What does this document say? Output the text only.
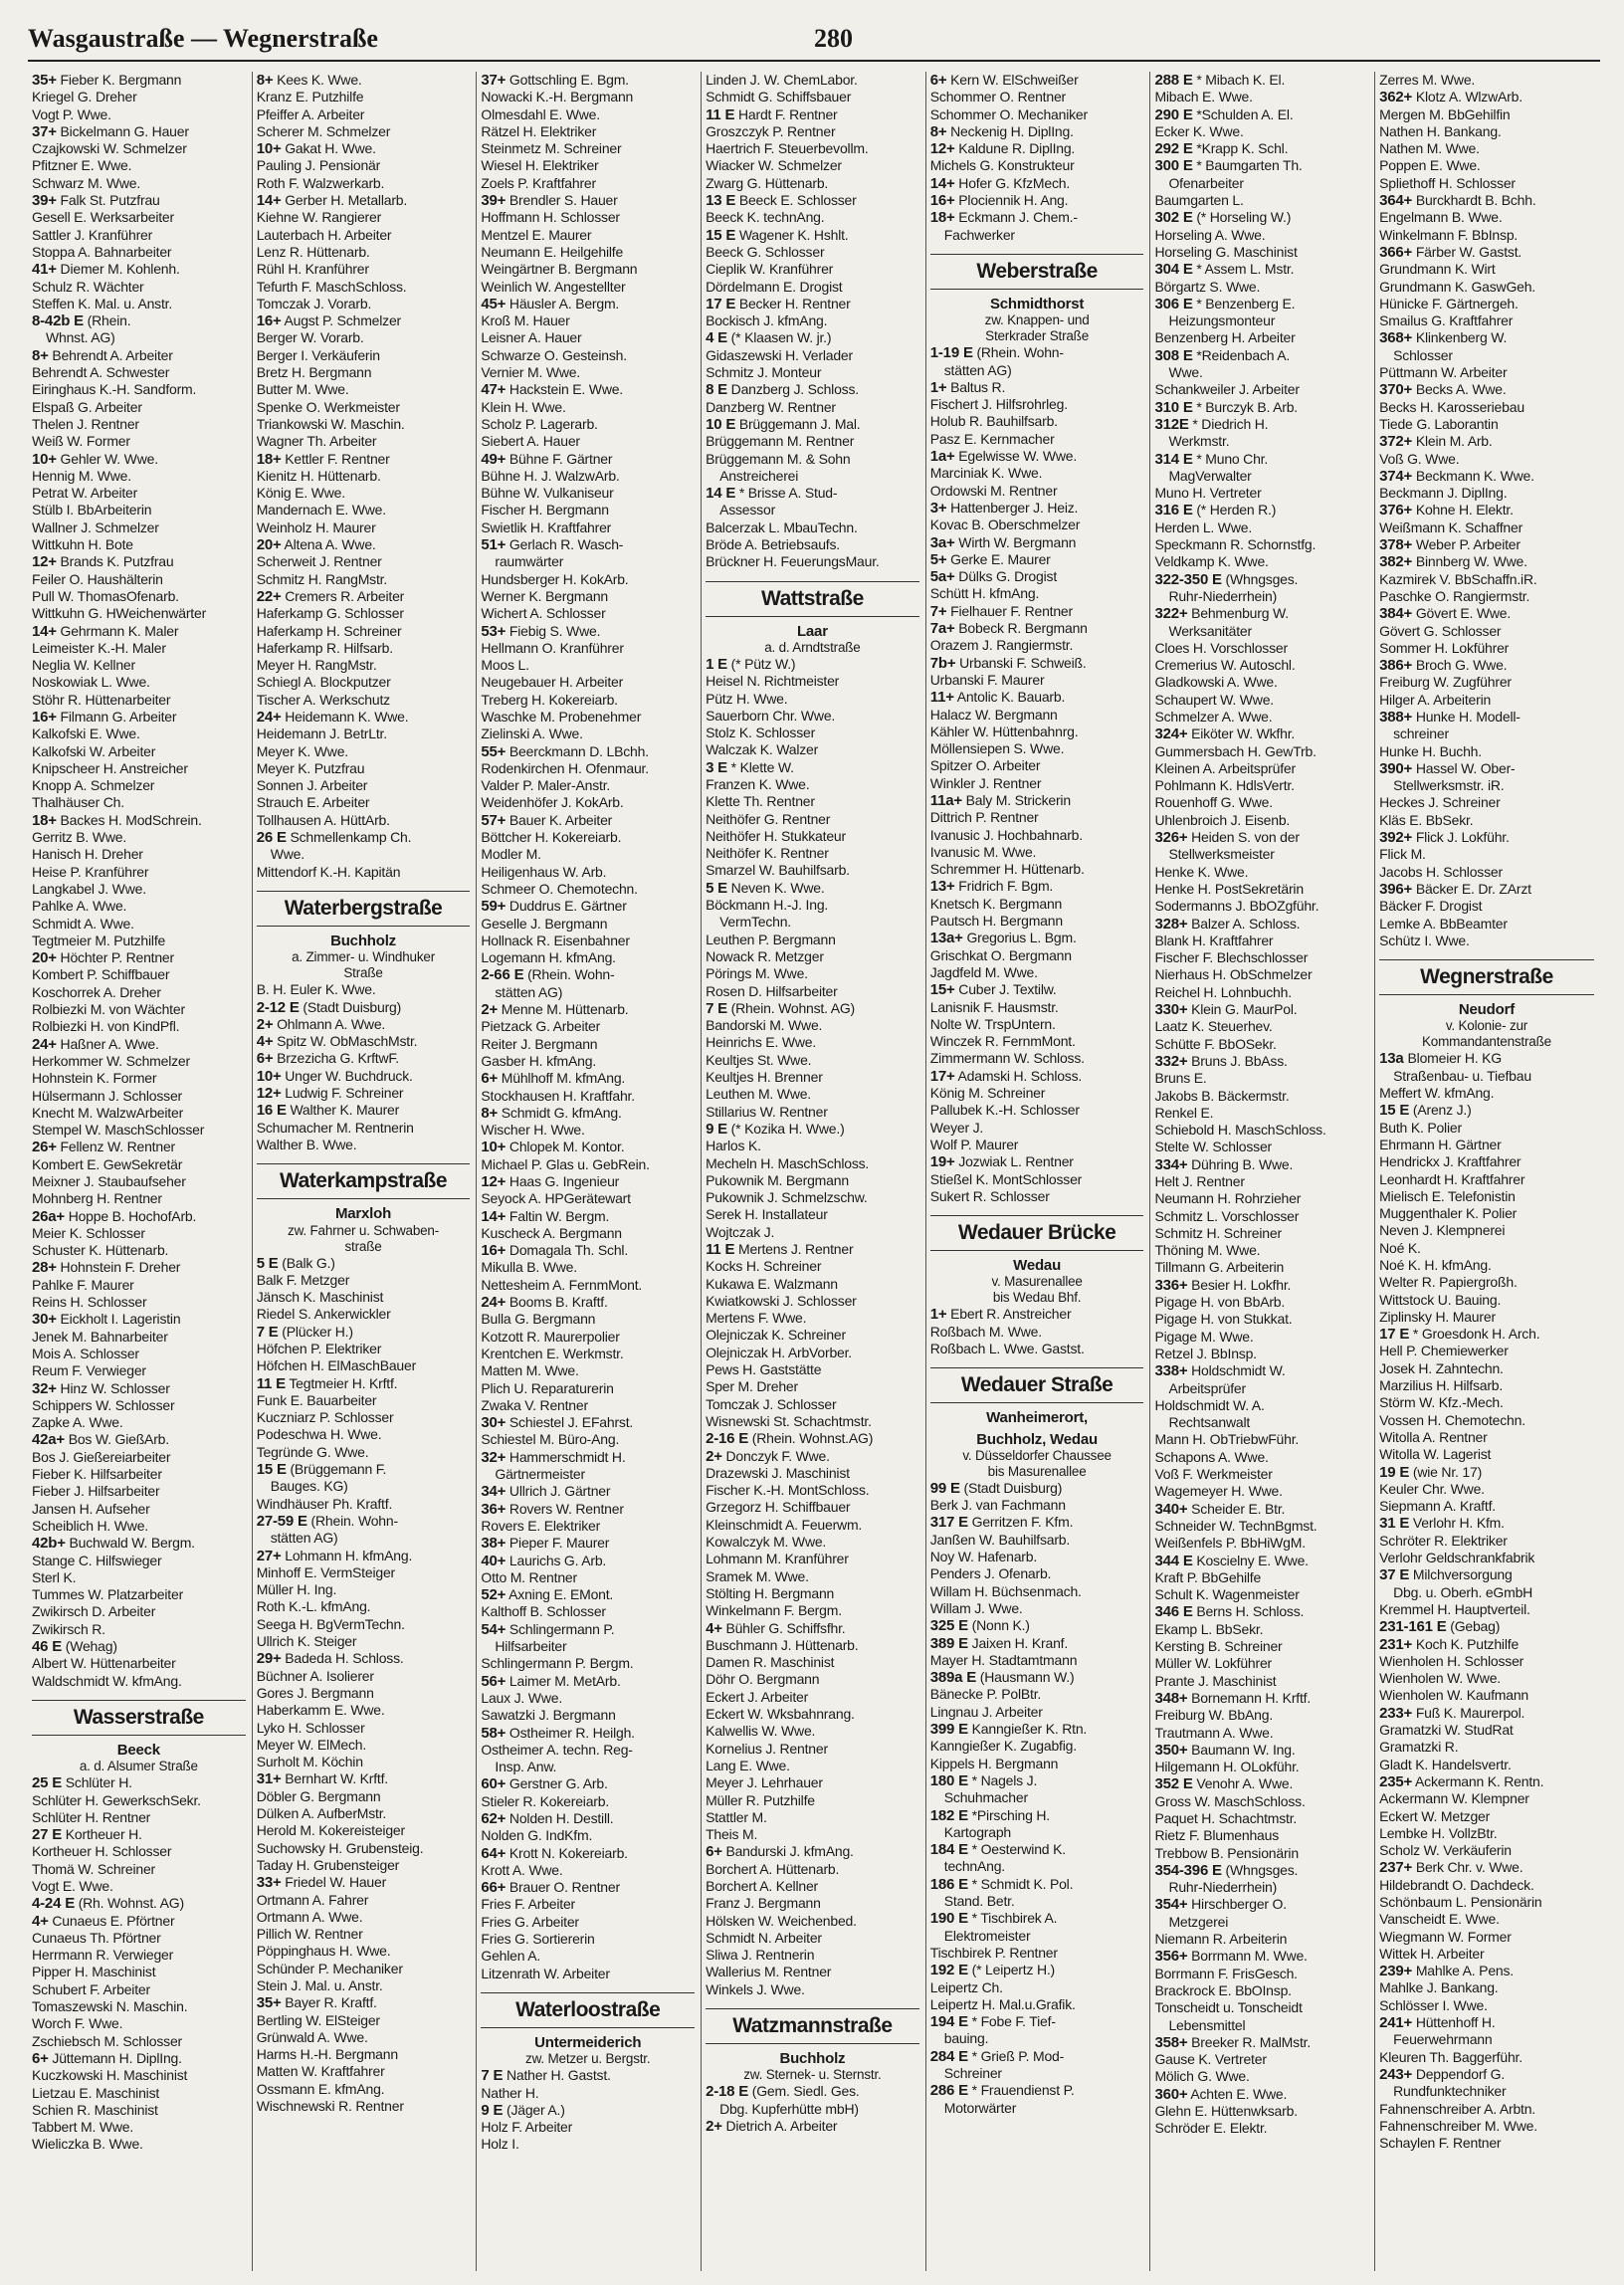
Wasgaustraße — Wegnerstraße	280
35+ Fieber K. Bergmann
Kriegel G. Dreher
Vogt P. Wwe.
37+ Bickelmann G. Hauer
Czajkowski W. Schmelzer
Pfitzner E. Wwe.
Schwarz M. Wwe.
39+ Falk St. Putzfrau
Gesell E. Werksarbeiter
Sattler J. Kranführer
Stoppa A. Bahnarbeiter
41+ Diemer M. Kohlenh.
Schulz R. Wächter
Steffen K. Mal. u. Anstr.
8-42b E (Rhein.
Whnst. AG)
8+ Behrendt A. Arbeiter
Behrendt A. Schwester
Eiringhaus K.-H. Sandform.
Elspaß G. Arbeiter
Thelen J. Rentner
Weiß W. Former
10+ Gehler W. Wwe.
Hennig M. Wwe.
Petrat W. Arbeiter
Stülb I. BbArbeiterin
Wallner J. Schmelzer
Wittkuhn H. Bote
12+ Brands K. Putzfrau
Feiler O. Haushälterin
Pull W. ThomasOfenarb.
Wittkuhn G. HWeichenwärter
14+ Gehrmann K. Maler
Leimeister K.-H. Maler
Neglia W. Kellner
Noskowiak L. Wwe.
Stöhr R. Hüttenarbeiter
16+ Filmann G. Arbeiter
Kalkofski E. Wwe.
Kalkofski W. Arbeiter
Knipschеer H. Anstreicher
Knopp A. Schmelzer
Thalhäuser Ch.
18+ Backes H. ModSchrein.
Gerritz B. Wwe.
Hanisch H. Dreher
Heise P. Kranführer
Langkabel J. Wwe.
Pahlke A. Wwe.
Schmidt A. Wwe.
Tegtmeier M. Putzhilfe
20+ Höchter P. Rentner
Kombert P. Schiffbauer
Koschorrek A. Dreher
Rolbiezki M. von Wächter
Rolbiezki H. von KindPfl.
24+ Haßner A. Wwe.
Herkommer W. Schmelzer
Hohnstein K. Former
Hülsermann J. Schlosser
Knecht M. WalzwArbeiter
Stempel W. MaschSchlosser
26+ Fellenz W. Rentner
Kombert E. GewSekretär
Meixner J. Staubaufseher
Mohnberg H. Rentner
26a+ Hoppe B. HochofArb.
Meier K. Schlosser
Schuster K. Hüttenarb.
28+ Hohnstein F. Dreher
Pahlke F. Maurer
Reins H. Schlosser
30+ Eickholt I. Lageristin
Jenek M. Bahnarbeiter
Mois A. Schlosser
Reum F. Verwieger
32+ Hinz W. Schlosser
Schippers W. Schlosser
Zapke A. Wwe.
42a+ Bos W. GießArb.
Bos J. Gießereiarbeiter
Fieber K. Hilfsarbeiter
Fieber J. Hilfsarbeiter
Jansen H. Aufseher
Scheiblich H. Wwe.
42b+ Buchwald W. Bergm.
Stange C. Hilfswieger
Sterl K.
Tummes W. Platzarbeiter
Zwikirsch D. Arbeiter
Zwikirsch R.
46 E (Wehag)
Albert W. Hüttenarbeiter
Waldschmidt W. kfmAng.
Wasserstraße
Beeck
a. d. Alsumer Straße
25 E Schlüter H.
Schlüter H. GewerkschSekr.
Schlüter H. Rentner
27 E Kortheuer H.
Kortheuer H. Schlosser
Thomä W. Schreiner
Vogt E. Wwe.
4-24 E (Rh. Wohnst. AG)
4+ Cunaeus E. Pförtner
Cunaeus Th. Pförtner
Herrmann R. Verwieger
Pipper H. Maschinist
Schubert F. Arbeiter
Tomaszewski N. Maschin.
Worch F. Wwe.
Zschiebsch M. Schlosser
6+ Jüttemann H. DiplIng.
Kuczkowski H. Maschinist
Lietzau E. Maschinist
Schien R. Maschinist
Tabbert M. Wwe.
Wieliczka B. Wwe.
8+ Kees K. Wwe.
Kranz E. Putzhilfe
Pfeiffer A. Arbeiter
Scherer M. Schmelzer
10+ Gakat H. Wwe.
Pauling J. Pensionär
Roth F. Walzwerkarb.
14+ Gerber H. Metallarb.
Kiehne W. Rangierer
Lauterbach H. Arbeiter
Lenz R. Hüttenarb.
Rühl H. Kranführer
Tefurth F. MaschSchloss.
Tomczak J. Vorarb.
16+ Augst P. Schmelzer
Berger W. Vorarb.
Berger I. Verkäuferin
Bretz H. Bergmann
Butter M. Wwe.
Spenke O. Werkmeister
Triankowski W. Maschin.
Wagner Th. Arbeiter
18+ Kettler F. Rentner
Kienitz H. Hüttenarb.
König E. Wwe.
Mandernach E. Wwe.
Weinholz H. Maurer
20+ Altena A. Wwe.
Scherweit J. Rentner
Schmitz H. RangMstr.
22+ Cremers R. Arbeiter
Haferkamp G. Schlosser
Haferkamp H. Schreiner
Haferkamp R. Hilfsarb.
Meyer H. RangMstr.
Schiegl A. Blockputzer
Tischer A. Werkschutz
24+ Heidemann K. Wwe.
Heidemann J. BetrLtr.
Meyer K. Wwe.
Meyer K. Putzfrau
Sonnen J. Arbeiter
Strauch E. Arbeiter
Tollhausen A. HüttArb.
26 E Schmellenkamp Ch.
Wwe.
Mittendorf K.-H. Kapitän
Waterbergstraße
Buchholz
a. Zimmer- u. Windhuker
Straße
B. H. Euler K. Wwe.
2-12 E (Stadt Duisburg)
2+ Ohlmann A. Wwe.
4+ Spitz W. ObMaschMstr.
6+ Brzezicha G. KrftwF.
10+ Unger W. Buchdruck.
12+ Ludwig F. Schreiner
16 E Walther K. Maurer
Schumacher M. Rentnerin
Walther B. Wwe.
Waterkampstraße
Marxloh
zw. Fahrner u. Schwaben-
straße
5 E (Balk G.)
Balk F. Metzger
Jänsch K. Maschinist
Riedel S. Ankerwickler
7 E (Plücker H.)
Höfchen P. Elektriker
Höfchen H. ElMaschBauer
11 E Tegtmeier H. Krftf.
Funk E. Bauarbeiter
Kuczniarz P. Schlosser
Podeschwa H. Wwe.
Tegründe G. Wwe.
15 E (Brüggemann F.
Baugеs. KG)
Windhäuser Ph. Kraftf.
27-59 E (Rhein. Wohn-
stätten AG)
27+ Lohmann H. kfmAng.
Minhoff E. VermSteiger
Müller H. Ing.
Roth K.-L. kfmAng.
Seega H. BgVermTechn.
Ullrich K. Steiger
29+ Badeda H. Schloss.
Büchner A. Isolierer
Gores J. Bergmann
Haberkamm E. Wwe.
Lyko H. Schlosser
Meyer W. ElMech.
Surholt M. Köchin
31+ Bernhart W. Krftf.
Döbler G. Bergmann
Dülken A. AufberMstr.
Herold M. Kokereisteiger
Suchowsky H. Grubensteig.
Taday H. Grubensteiger
33+ Friedel W. Hauer
Ortmann A. Fahrer
Ortmann A. Wwe.
Pillich W. Rentner
Pöppinghaus H. Wwe.
Schünder P. Mechaniker
Stein J. Mal. u. Anstr.
35+ Bayer R. Kraftf.
Bertling W. ElSteiger
Grünwald A. Wwe.
Harms H.-H. Bergmann
Matten W. Kraftfahrer
Ossmann E. kfmAng.
Wischnewski R. Rentner
37+ Gottschling E. Bgm.
Nowacki K.-H. Bergmann
Olmesdahl E. Wwe.
Rätzel H. Elektriker
Steinmetz M. Schreiner
Wiesel H. Elektriker
Zoels P. Kraftfahrer
39+ Brendler S. Hauer
Hoffmann H. Schlosser
Mentzel E. Maurer
Neumann E. Heilgehilfe
Weingärtner B. Bergmann
Weinlich W. Angestellter
45+ Häusler A. Bergm.
Kroß M. Hauer
Leisner A. Hauer
Schwarze O. Gesteinsh.
Vernier M. Wwe.
47+ Hackstein E. Wwe.
Klein H. Wwe.
Scholz P. Lagerarb.
Siebert A. Hauer
49+ Bühne F. Gärtner
Bühne H. J. WalzwArb.
Bühne W. Vulkaniseur
Fischer H. Bergmann
Swietlik H. Kraftfahrer
51+ Gerlach R. Wasch-
raumwärter
Hundsberger H. KokArb.
Werner K. Bergmann
Wichert A. Schlosser
53+ Fiebig S. Wwe.
Hellmann O. Kranführer
Moos L.
Neugebauer H. Arbeiter
Treberg H. Kokereiarb.
Waschke M. Probenehmer
Zielinski A. Wwe.
55+ Beerckmann D. LBchh.
Rodenkirchen H. Ofenmaur.
Valder P. Maler-Anstr.
Weidenhöfer J. KokArb.
57+ Bauer K. Arbeiter
Böttcher H. Kokereiarb.
Modler M.
Heiligenhaus W. Arb.
Schmeer O. Chemotechn.
59+ Duddrus E. Gärtner
Geselle J. Bergmann
Hollnack R. Eisenbahner
Logemann H. kfmAng.
2-66 E (Rhein. Wohn-
stätten AG)
2+ Menne M. Hüttenarb.
Pietzack G. Arbeiter
Reiter J. Bergmann
Gasber H. kfmAng.
6+ Mühlhoff M. kfmAng.
Stockhausen H. Kraftfahr.
8+ Schmidt G. kfmAng.
Wischer H. Wwe.
10+ Chlopek M. Kontor.
Michael P. Glas u. GebRein.
12+ Haas G. Ingenieur
Seyock A. HPGerätewart
14+ Faltin W. Bergm.
Kuscheck A. Bergmann
16+ Domagala Th. Schl.
Mikulla B. Wwe.
Nettesheim A. FernmMont.
24+ Booms B. Kraftf.
Bulla G. Bergmann
Kotzott R. Maurerpolier
Krentchen E. Werkmstr.
Matten M. Wwe.
Plich U. Reparaturerin
Zwaka V. Rentner
30+ Schiestel J. EFahrst.
Schiestel M. Büro-Ang.
32+ Hammerschmidt H.
Gärtnermeister
34+ Ullrich J. Gärtner
36+ Rovers W. Rentner
Rovers E. Elektriker
38+ Pieper F. Maurer
40+ Laurichs G. Arb.
Otto M. Rentner
52+ Axning E. EMont.
Kalthoff B. Schlosser
54+ Schlingermann P.
Hilfsarbeiter
Schlingermann P. Bergm.
56+ Laimer M. MetArb.
Laux J. Wwe.
Sawatzki J. Bergmann
58+ Ostheimer R. Heilgh.
Ostheimer A. techn. Reg-
Insp. Anw.
60+ Gerstner G. Arb.
Stieler R. Kokereiarb.
62+ Nolden H. Destill.
Nolden G. IndKfm.
64+ Krott N. Kokereiarb.
Krott A. Wwe.
66+ Brauer O. Rentner
Fries F. Arbeiter
Fries G. Arbeiter
Fries G. Sortiererin
Gehlen A.
Litzenrath W. Arbeiter
Waterloostraße
Untermeiderich
zw. Metzer u. Bergstr.
7 E Nather H. Gastst.
Nather H.
9 E (Jäger A.)
Holz F. Arbeiter
Holz I.
Linden J. W. ChemLabor.
Schmidt G. Schiffsbauer
11 E Hardt F. Rentner
Groszczyk P. Rentner
Haertrich F. Steuerbevollm.
Wiacker W. Schmelzer
Zwarg G. Hüttenarb.
13 E Beeck E. Schlosser
Beeck K. technAng.
15 E Wagener K. Hshlt.
Beeck G. Schlosser
Cieplik W. Kranführer
Dördelmann E. Drogist
17 E Becker H. Rentner
Bockisch J. kfmAng.
4 E (* Klaasen W. jr.)
Gidaszewski H. Verlader
Schmitz J. Monteur
8 E Danzberg J. Schloss.
Danzberg W. Rentner
10 E Brüggemann J. Mal.
Brüggemann M. Rentner
Brüggemann M. & Sohn
Anstreicherei
14 E * Brisse A. Stud-
Assessor
Balcerzak L. MbauTechn.
Bröde A. Betriebsaufs.
Brückner H. FeuerungsMaur.
Wattstraße
Laar
a. d. Arndtstraße
1 E (* Pütz W.)
Heisel N. Richtmeister
Pütz H. Wwe.
Sauerborn Chr. Wwe.
Stolz K. Schlosser
Walczak K. Walzer
3 E * Klette W.
Franzen K. Wwe.
Klette Th. Rentner
Neithöfer G. Rentner
Neithöfer H. Stukkateur
Neithöfer K. Rentner
Smarzel W. Bauhilfsarb.
5 E Neven K. Wwe.
Böckmann H.-J. Ing.
VermTechn.
Leuthen P. Bergmann
Nowack R. Metzger
Pörings M. Wwe.
Rosen D. Hilfsarbeiter
7 E (Rhein. Wohnst. AG)
Bandorski M. Wwe.
Heinrichs E. Wwe.
Keultjes St. Wwe.
Keultjes H. Brenner
Leuthen M. Wwe.
Stillarius W. Rentner
9 E (* Kozika H. Wwe.)
Harlos K.
Mecheln H. MaschSchloss.
Pukownik M. Bergmann
Pukownik J. Schmelzschw.
Serek H. Installateur
Wojtczak J.
11 E Mertens J. Rentner
Kocks H. Schreiner
Kukawa E. Walzmann
Kwiatkowski J. Schlosser
Mertens F. Wwe.
Olejniczak K. Schreiner
Olejniczak H. ArbVorber.
Pews H. Gaststätte
Sper M. Dreher
Tomczak J. Schlosser
Wisnewski St. Schachtmstr.
2-16 E (Rhein. Wohnst.AG)
2+ Donczyk F. Wwe.
Drazewski J. Maschinist
Fischer K.-H. MontSchloss.
Grzegorz H. Schiffbauer
Kleinschmidt A. Feuerwm.
Kowalczyk M. Wwe.
Lohmann M. Kranführer
Sramek M. Wwe.
Stölting H. Bergmann
Winkelmann F. Bergm.
4+ Bühler G. Schiffsfhr.
Buschmann J. Hüttenarb.
Damen R. Maschinist
Döhr O. Bergmann
Eckert J. Arbeiter
Eckert W. Wksbahnrang.
Kalwellis W. Wwe.
Kornelius J. Rentner
Lang E. Wwe.
Meyer J. Lehrhauer
Müller R. Putzhilfe
Stattler M.
Theis M.
6+ Bandurski J. kfmAng.
Borchert A. Hüttenarb.
Borchert A. Kellner
Franz J. Bergmann
Hölsken W. Weichenbed.
Schmidt N. Arbeiter
Sliwa J. Rentnerin
Wallerius M. Rentner
Winkels J. Wwe.
Watzmannstraße
Buchholz
zw. Sternek- u. Sternstr.
2-18 E (Gem. Siedl. Ges.
Dbg. Kupferhütte mbH)
2+ Dietrich A. Arbeiter
6+ Kern W. ElSchweißer
Schommer O. Rentner
Schommer O. Mechaniker
8+ Neckenig H. DiplIng.
12+ Kaldune R. DiplIng.
Michels G. Konstrukteur
14+ Hofer G. KfzMech.
16+ Plociennik H. Ang.
18+ Eckmann J. Chem.-
Fachwerker
Weberstraße
Schmidthorst
zw. Knappen- und
Sterkrader Straße
1-19 E (Rhein. Wohn-
stätten AG)
1+ Baltus R.
Fischert J. Hilfsrohrleg.
Holub R. Bauhilfsarb.
Pasz E. Kernmacher
1a+ Egelwisse W. Wwe.
Marciniak K. Wwe.
Ordowski M. Rentner
3+ Hattenberger J. Heiz.
Kovac B. Oberschmelzer
3a+ Wirth W. Bergmann
5+ Gerke E. Maurer
5a+ Dülks G. Drogist
Schütt H. kfmAng.
7+ Fielhauer F. Rentner
7a+ Bobeck R. Bergmann
Orazem J. Rangiermstr.
7b+ Urbanski F. Schweiß.
Urbanski F. Maurer
11+ Antolic K. Bauarb.
Halacz W. Bergmann
Kähler W. Hüttenbahnrg.
Möllensiepen S. Wwe.
Spitzer O. Arbeiter
Winkler J. Rentner
11a+ Baly M. Strickerin
Dittrich P. Rentner
Ivanusic J. Hochbahnarb.
Ivanusic M. Wwe.
Schremmer H. Hüttenarb.
13+ Fridrich F. Bgm.
Knetsch K. Bergmann
Pautsch H. Bergmann
13a+ Gregorius L. Bgm.
Grischkat O. Bergmann
Jagdfeld M. Wwe.
15+ Cuber J. Textilw.
Lanisnik F. Hausmstr.
Nolte W. TrspUntern.
Winczek R. FernmMont.
Zimmermann W. Schloss.
17+ Adamski H. Schloss.
König M. Schreiner
Pallubek K.-H. Schlosser
Weyer J.
Wolf P. Maurer
19+ Jozwiak L. Rentner
Stießel K. MontSchlosser
Sukert R. Schlosser
Wedauer Brücke
Wedau
v. Masurenallee
bis Wedau Bhf.
1+ Ebert R. Anstreicher
Roßbach M. Wwe.
Roßbach L. Wwe. Gastst.
Wedauer Straße
Wanheimerort,
Buchholz, Wedau
v. Düsseldorfer Chaussee
bis Masurenallee
99 E (Stadt Duisburg)
Berk J. van Fachmann
317 E Gerritzen F. Kfm.
Janßen W. Bauhilfsarb.
Noy W. Hafenarb.
Penders J. Ofenarb.
Willam H. Büchsenmach.
Willam J. Wwe.
325 E (Nonn K.)
389 E Jaixen H. Kranf.
Mayer H. Stadtamtmann
389a E (Hausmann W.)
Bänecke P. PolBtr.
Lingnau J. Arbeiter
399 E Kanngießer K. Rtn.
Kanngießer K. Zugabfig.
Kippels H. Bergmann
180 E * Nagels J.
Schuhmacher
182 E *Pirsching H.
Kartograph
184 E * Oesterwind K.
technAng.
186 E * Schmidt K. Pol.
Stand. Betr.
190 E * Tischbirek A.
Elektromeister
Tischbirek P. Rentner
192 E (* Leipertz H.)
Leipertz Ch.
Leipertz H. Mal.u.Grafik.
194 E * Fobe F. Tief-
bauing.
284 E * Grieß P. Mod-
Schreiner
286 E * Frauendienst P.
Motorwärter
288 E * Mibach K. El.
Mibach E. Wwe.
290 E *Schulden A. El.
Ecker K. Wwe.
292 E *Krapp K. Schl.
300 E * Baumgarten Th.
Ofenarbeiter
Baumgarten L.
302 E (* Horseling W.)
Horseling A. Wwe.
Horseling G. Maschinist
304 E * Assem L. Mstr.
Börgartz S. Wwe.
306 E * Benzenberg E.
Heizungsmonteur
Benzenberg H. Arbeiter
308 E *Reidenbach A.
Wwe.
Schankweiler J. Arbeiter
310 E * Burczyk B. Arb.
312E * Diedrich H.
Werkmstr.
314 E * Muno Chr.
MagVerwalter
Muno H. Vertreter
316 E (* Herden R.)
Herden L. Wwe.
Speckmann R. Schornstfg.
Veldkamp K. Wwe.
322-350 E (Whngsges.
Ruhr-Niederrhein)
322+ Behmenburg W.
Werksanitäter
Cloes H. Vorschlosser
Cremerius W. Autoschl.
Gladkowski A. Wwe.
Schaupert W. Wwe.
Schmelzer A. Wwe.
324+ Eiköter W. Wkfhr.
Gummersbach H. GewTrb.
Kleinen A. Arbeitsprüfer
Pohlmann K. HdlsVertr.
Rouenhoff G. Wwe.
Uhlenbroich J. Eisenb.
326+ Heiden S. von der
Stellwerksmeister
Henke K. Wwe.
Henke H. PostSekretärin
Sodermanns J. BbOZgführ.
328+ Balzer A. Schloss.
Blank H. Kraftfahrer
Fischer F. Blechschlosser
Nierhaus H. ObSchmelzer
Reichel H. Lohnbuchh.
330+ Klein G. MaurPol.
Laatz K. Steuerhev.
Schütte F. BbOSekr.
332+ Bruns J. BbAss.
Bruns E.
Jakobs B. Bäckermstr.
Renkel E.
Schiebold H. MaschSchloss.
Stelte W. Schlosser
334+ Dühring B. Wwe.
Helt J. Rentner
Neumann H. Rohrzieher
Schmitz L. Vorschlosser
Schmitz H. Schreiner
Thöning M. Wwe.
Tillmann G. Arbeiterin
336+ Besier H. Lokfhr.
Pigage H. von BbArb.
Pigage H. von Stukkat.
Pigage M. Wwe.
Retzel J. BbInsp.
338+ Holdschmidt W.
Arbeitsprüfer
Holdschmidt W. A.
Rechtsanwalt
Mann H. ObTriebwFühr.
Schapons A. Wwe.
Voß F. Werkmeister
Wagemeyer H. Wwe.
340+ Scheider E. Btr.
Schneider W. TechnBgmst.
Weißenfels P. BbHiWgM.
344 E Koscielny E. Wwe.
Kraft P. BbGehilfe
Schult K. Wagenmeister
346 E Berns H. Schloss.
Ekamp L. BbSekr.
Kersting B. Schreiner
Müller W. Lokführer
Prante J. Maschinist
348+ Bornemann H. Krftf.
Freiburg W. BbAng.
Trautmann A. Wwe.
350+ Baumann W. Ing.
Hilgemann H. OLokführ.
352 E Venohr A. Wwe.
Gross W. MaschSchloss.
Paquet H. Schachtmstr.
Rietz F. Blumenhaus
Trebbow B. Pensionärin
354-396 E (Whngsges.
Ruhr-Niederrhein)
354+ Hirschberger O.
Metzgerei
Niemann R. Arbeiterin
356+ Borrmann M. Wwe.
Borrmann F. FrisGesch.
Brackrock E. BbOInsp.
Tonscheidt u. Tonscheidt
Lebensmittel
358+ Breeker R. MalMstr.
Gause K. Vertreter
Mölich G. Wwe.
360+ Achten E. Wwe.
Glehn E. Hüttenwksarb.
Schröder E. Elektr.
Zerres M. Wwe.
362+ Klotz A. WlzwArb.
Mergen M. BbGehilfin
Nathen H. Bankang.
Nathen M. Wwe.
Poppen E. Wwe.
Spliethoff H. Schlosser
364+ Burckhardt B. Bchh.
Engelmann B. Wwe.
Winkelmann F. BbInsp.
366+ Färber W. Gastst.
Grundmann K. Wirt
Grundmann K. GaswGeh.
Hünicke F. Gärtnergeh.
Smailus G. Kraftfahrer
368+ Klinkenberg W.
Schlosser
Püttmann W. Arbeiter
370+ Becks A. Wwe.
Becks H. Karosseriebau
Tiede G. Laborantin
372+ Klein M. Arb.
Voß G. Wwe.
374+ Beckmann K. Wwe.
Beckmann J. DiplIng.
376+ Kohne H. Elektr.
Weißmann K. Schaffner
378+ Weber P. Arbeiter
382+ Binnberg W. Wwe.
Kazmirek V. BbSchaffn.iR.
Paschke O. Rangiermstr.
384+ Gövert E. Wwe.
Gövert G. Schlosser
Sommer H. Lokführer
386+ Broch G. Wwe.
Freiburg W. Zugführer
Hilger A. Arbeiterin
388+ Hunke H. Modell-
schreiner
Hunke H. Buchh.
390+ Hassel W. Ober-
Stellwerksmstr. iR.
Heckes J. Schreiner
Kläs E. BbSekr.
392+ Flick J. Lokführ.
Flick M.
Jacobs H. Schlosser
396+ Bäcker E. Dr. ZArzt
Bäcker F. Drogist
Lemke A. BbBeamter
Schütz I. Wwe.
Wegnerstraße
Neudorf
v. Kolonie- zur
Kommandantenstraße
13a Blomeier H. KG
Straßenbau- u. Tiefbau
Meffert W. kfmAng.
15 E (Arenz J.)
Buth K. Polier
Ehrmann H. Gärtner
Hendrickx J. Kraftfahrer
Leonhardt H. Kraftfahrer
Mielisch E. Telefonistin
Muggenthaler K. Polier
Neven J. Klempnerei
Noé K.
Noé K. H. kfmAng.
Welter R. Papiergroßh.
Wittstock U. Bauing.
Ziplinsky H. Maurer
17 E * Groesdonk H. Arch.
Hell P. Chemiewerker
Josek H. Zahntechn.
Marzilius H. Hilfsarb.
Störm W. Kfz.-Mech.
Vossen H. Chemotechn.
Witolla A. Rentner
Witolla W. Lagerist
19 E (wie Nr. 17)
Keuler Chr. Wwe.
Siepmann A. Kraftf.
31 E Verlohr H. Kfm.
Schröter R. Elektriker
Verlohr Geldschrankfabrik
37 E Milchversorgung
Dbg. u. Oberh. eGmbH
Kremmel H. Hauptverteil.
231-161 E (Gebag)
231+ Koch K. Putzhilfe
Wienholen H. Schlosser
Wienholen W. Wwe.
Wienholen W. Kaufmann
233+ Fuß K. Maurerpol.
Gramatzki W. StudRat
Gramatzki R.
Gladt K. Handelsvertr.
235+ Ackermann K. Rentn.
Ackermann W. Klempner
Eckert W. Metzger
Lembke H. VollzBtr.
Scholz W. Verkäuferin
237+ Berk Chr. v. Wwe.
Hildebrandt O. Dachdeck.
Schönbaum L. Pensionärin
Vanscheidt E. Wwe.
Wiegmann W. Former
Wittek H. Arbeiter
239+ Mahlke A. Pens.
Mahlke J. Bankang.
Schlösser I. Wwe.
241+ Hüttenhoff H.
Feuerwehrmann
Kleuren Th. Baggerführ.
243+ Deppendorf G.
Rundfunktechniker
Fahnenschreiber A. Arbtn.
Fahnenschreiber M. Wwe.
Schaylen F. Rentner
